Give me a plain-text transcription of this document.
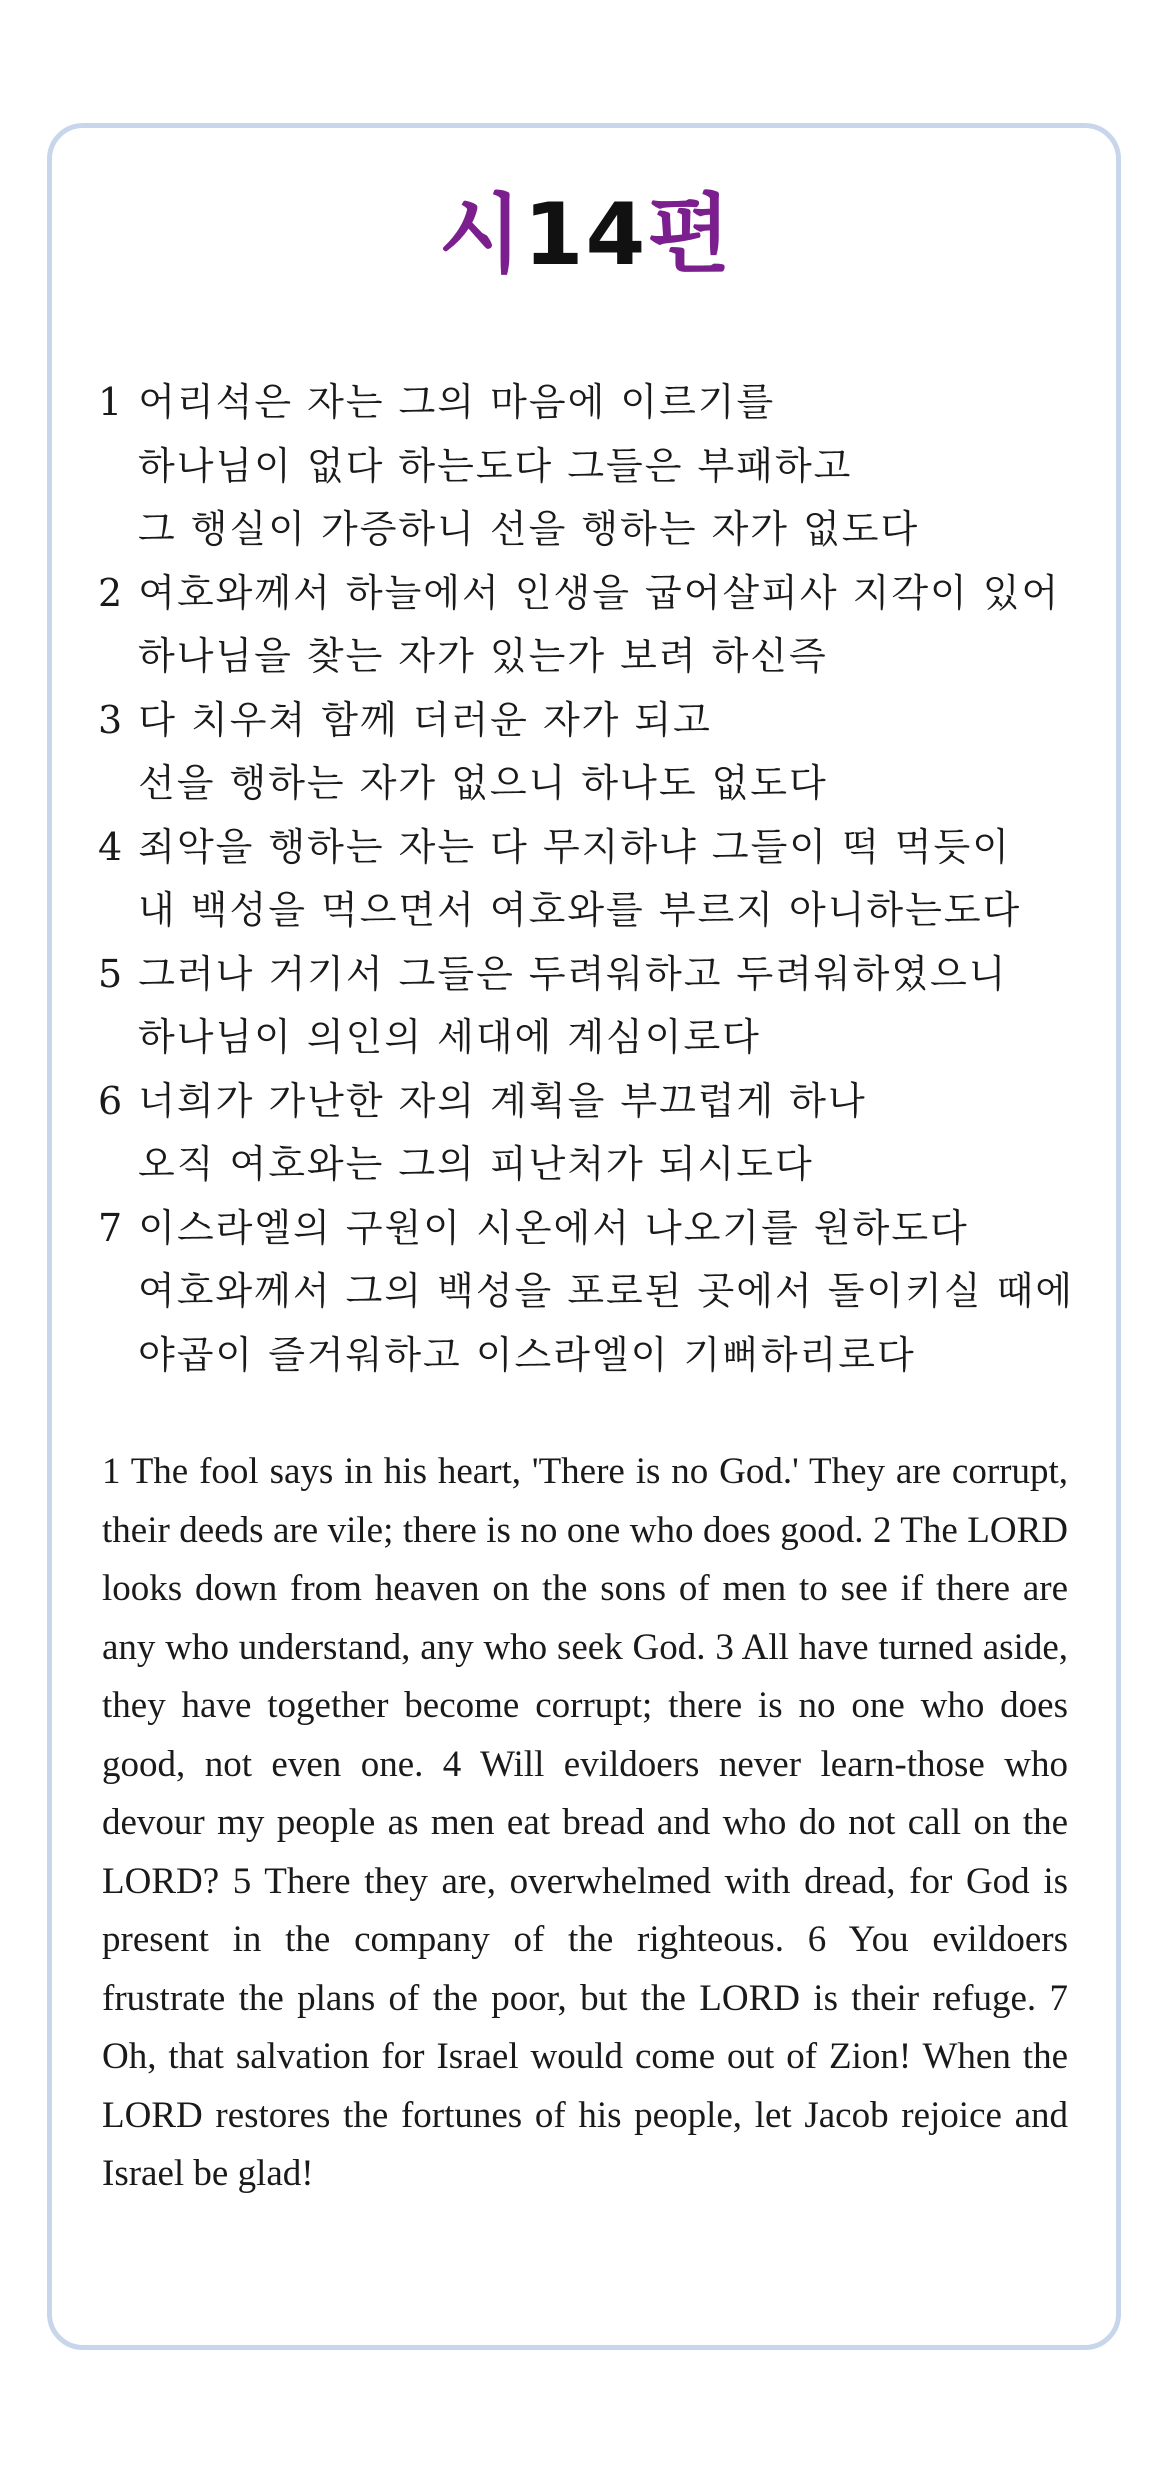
시14편
1 어리석은 자는 그의 마음에 이르기를
하나님이 없다 하는도다 그들은 부패하고
그 행실이 가증하니 선을 행하는 자가 없도다
2 여호와께서 하늘에서 인생을 굽어살피사 지각이 있어
하나님을 찾는 자가 있는가 보려 하신즉
3 다 치우쳐 함께 더러운 자가 되고
선을 행하는 자가 없으니 하나도 없도다
4 죄악을 행하는 자는 다 무지하냐 그들이 떡 먹듯이
내 백성을 먹으면서 여호와를 부르지 아니하는도다
5 그러나 거기서 그들은 두려워하고 두려워하였으니
하나님이 의인의 세대에 계심이로다
6 너희가 가난한 자의 계획을 부끄럽게 하나
오직 여호와는 그의 피난처가 되시도다
7 이스라엘의 구원이 시온에서 나오기를 원하도다
여호와께서 그의 백성을 포로된 곳에서 돌이키실 때에
야곱이 즐거워하고 이스라엘이 기뻐하리로다

1 The fool says in his heart, 'There is no God.' They are corrupt, their deeds are vile; there is no one who does good. 2 The LORD looks down from heaven on the sons of men to see if there are any who understand, any who seek God. 3 All have turned aside, they have together become corrupt; there is no one who does good, not even one. 4 Will evildoers never learn-those who devour my people as men eat bread and who do not call on the LORD? 5 There they are, overwhelmed with dread, for God is present in the company of the righteous. 6 You evildoers frustrate the plans of the poor, but the LORD is their refuge. 7 Oh, that salvation for Israel would come out of Zion! When the LORD restores the fortunes of his people, let Jacob rejoice and Israel be glad!
